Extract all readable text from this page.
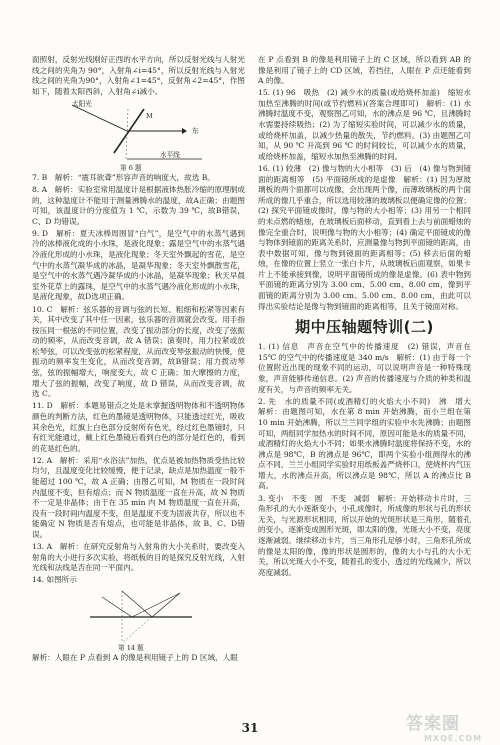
面照射，反射光线刚好正西的水平方向，所以反射光线与人射光线之间的夹角为 90°，入射角∠i=45°，所以反射光线与入射光线之间的夹角为90°，入射角∠1=45°，反射角∠2=45°，作图如下，随着太阳西斜，入射角∠i减小。

太阳光
东
M
水平线
第 6 题

7. B　解析：“震耳欲聋”形容声音的响度大，故选 B。

8. A　解析：实验室常用温度计是根据液体热胀冷缩的原理制成的，这种温度计不能用于测量沸腾水的温度，故A正确；由题图可知，该温度计的分度值为 1 ℃，示数为 39 ℃，故B错误，C、D 均错误。

9. D　解析：夏天冰棒周围冒“白气”，是空气中的水蒸气遇到冷的冰棒液化成的小水珠，是液化现象；露是空气中的水蒸气遇冷液化形成的小水珠，是液化现象；冬天室外飘起的雪花，是空气中的水蒸气凝华成的冰晶，是凝华现象；冬天室外飘散雪花，是空气中的水蒸气遇冷凝华成的小冰晶，是凝华现象；秋天早晨室外花草上的露珠，是空气中的水蒸气遇冷液化形成的小水珠，是液化现象，故D选项正确。

10. C　解析：弦乐器的音调与弦的长短、粗细和松紧等因素有关，其中改变了其中任一因素，弦乐器的音调就会改变。用手指按压同一根弦的不同位置，改变了振动部分的长度，改变了弦振动的频率，从而改变音调，故 A 错误；演奏时，用力拉紧或放松琴弦，可以改变弦的松紧程度，从而改变琴弦振动的快慢，使振动的频率发生变化，从而改变音调，故B错误；用力拨动琴弦，弦的振幅增大，响度变大，故 C 正确；加大摩擦的力度，增大了弦的振幅，改变了响度，故 D 错误，从而改变音调，故选 C。

11. D　解析：本题易错点之处是未掌握透明物体和不透明物体颜色的判断方法，红色的墨镜是透明物体，只能透过红光，吸收其余色光，红旗上白色部分反射所有色光，经过红色墨镜时，只有红光能通过，戴上红色墨镜后看到白色的部分是红色的，看到的花是红色的。

12. A　解析：采用“水浴法”加热，优点是被加热物质受热比较均匀，且温度变化比较缓慢，便于记录，缺点是加热温度一般不能超过 100 ℃，故 A 正确；由图乙可知，M 物质在一段时间内温度不变，但有熔点；而 N 物质温度一直在升高，故 N 物质不一定是非晶体；由于在 35 min 内 M 物质温度一直在升高，没有一段时间内温度不变，但是温度不变为固液共存，所以也不能确定 N 物质是否有熔点，也可能是非晶体，故 B、C、D错误。

13. A　解析：在研究反射角与入射角的大小关系时，要改变入射角的大小进行多次实验，将纸板的目的是探究反射光线，入射光线和法线是否在同一平面内。

14. 如图所示

第 14 题

解析：人眼在 P 点看到 A 的像是利用镜子上的 D 区域，人眼

在 P 点看到 B 的像是利用镜子上的 C 区域，所以看到 AB 的像是利用了镜子上的 CD 区域，若挡住，人眼在 P 点还能看到 A 的像。

15. (1) 96　吸热　(2) 减少水的质量(或给烧杯加盖)　缩短水加热至沸腾的时间(或节约燃料)(答案合理即可)　解析：(1) 水沸腾时温度不变，观察图乙可知，水的沸点是 96 ℃，且沸腾时水需要持续吸热；(2) 为了缩短实验时间，可以减少水的质量，或给烧杯加盖，以减少热量的散失，节约燃料。(3) 由题图乙可知，从 90 ℃ 升高到 96 ℃ 的时间较长，可以减少水的质量，或给烧杯加盖，缩短水加热至沸腾的时间。

16. (1) 较薄　(2) 像与物的大小相等　(3) 后　(4) 像与物到镜面的距离相等　(5) 平面镜所成的是虚像　解析：(1) 因为厚玻璃板的两个面都可以成像，会出现两个像，而薄玻璃板的两个面所成的像几乎重合，所以选用较薄的玻璃板以便确定像的位置；(2) 探究平面镜成像时，像与物的大小相等；(3) 用另一个相同的未点燃的蜡烛，在玻璃板后面移动，直到看上去与前面蜡烛的像完全重合时，说明像与物的大小相等；(4) 确定平面镜成的像与物体到镜面的距离关系时，应测量像与物到平面镜的距离，由表中数据可知，像与物到镜面的距离相等；(5) 移去后面的蜡烛，在像的位置上竖立一张白卡片，从玻璃板后面观察，如果卡片上不能承接到像，说明平面镜所成的像是虚像。(6) 表中物到平面镜的距离分别为 3.00 cm、5.00 cm、8.00 cm，像到平面镜的距离分别为 3.00 cm、5.00 cm、8.00 cm，由此可以得出实验结论是像与物到镜面的距离相等，且关于镜面对称。

期中压轴题特训(二)

1. (1) 信息　声音在空气中的传播速度　(2) 错误，声音在 15℃ 的空气中的传播速度是 340 m/s　解析：(1) 由于每一个位置附近出现的现象不同的运动，可以说明声音是一种特殊现象，声音能够传递信息。(2) 声音的传播速度与介质的种类和温度有关，与声音的频率无关。

2. 先　水的质量不同(或酒精灯的火焰大小不同)　沸　增大　解析：由题图可知，水在第 8 min 开始沸腾，而小兰组在第 10 min 开始沸腾，所以兰兰同学组的实验中水先沸腾；由题图可知，两组同学加热水的时间不同，原因可能是水的质量不同，或酒精灯的火焰大小不同；如果水沸腾时温度将保持不变，水的沸点是 98℃，B 的沸点是 96℃，即两个实验小组测得水的沸点不同，兰兰小组同学实验时用纸板盖严烧杯口，使烧杯内气压增大，水的沸点升高，所以沸点是 98℃，所以 A 的沸点比 B 高。

3. 变小　不变　圆　不变　减弱　解析：开始移动卡片时，三角形孔的大小逐渐变小，小孔成像时，所成像的形状与孔的形状无关，与光源形状相同，所以开始的光斑形状是三角形，随着孔的变小，逐渐变成圆形光斑，即太阳的像，光斑大小不变，亮度逐渐减弱。继续移动卡片，当三角形孔足够小时，三角形孔所成的像是太阳的像，像的形状是圆形的，像的大小与孔的大小无关，所以光斑大小不变，随着孔的变小，透过的光线减少，所以亮度减弱。

31	答案圈
MXQE.COM
